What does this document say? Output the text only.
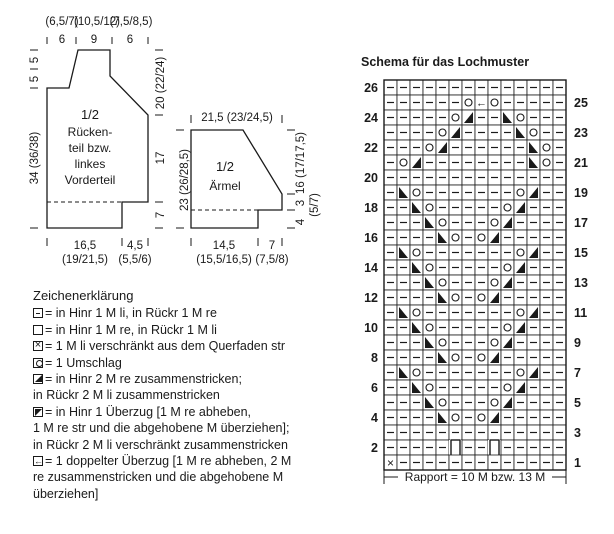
(6,5/7)
(10,5/12)
(7,5/8,5)
6 9	6
5
5
34 (36/38)
20 (22/24)
17
7
1/2
Rücken-
teil bzw.
linkes
Vorderteil
16,5
(19/21,5)
4,5
(5,5/6)
21,5 (23/24,5)
23 (26/28,5)	16 (17/17,5)
3
4
(5/7)
1/2
Ärmel
14,5
(15,5/16,5)
7
(7,5/8)
←
×
26
24
22
20
18
16
14
12
10
8
6
4
2
25
23
21
19
17
15
13
11
9
7
5
3
1
Rapport = 10 M bzw. 13 M
Schema für das Lochmuster
Zeichenerklärung
= in Hinr 1 M li, in Rückr 1 M re
= in Hinr 1 M re, in Rückr 1 M li
×= 1 M li verschränkt aus dem Querfaden str
= 1 Umschlag
= in Hinr 2 M re zusammenstricken;
in Rückr 2 M li zusammenstricken
= in Hinr 1 Überzug [1 M re abheben,
1 M re str und die abgehobene M überziehen];
in Rückr 2 M li verschränkt zusammenstricken
←= 1 doppelter Überzug [1 M re abheben, 2 M
re zusammenstricken und die abgehobene M
überziehen]
